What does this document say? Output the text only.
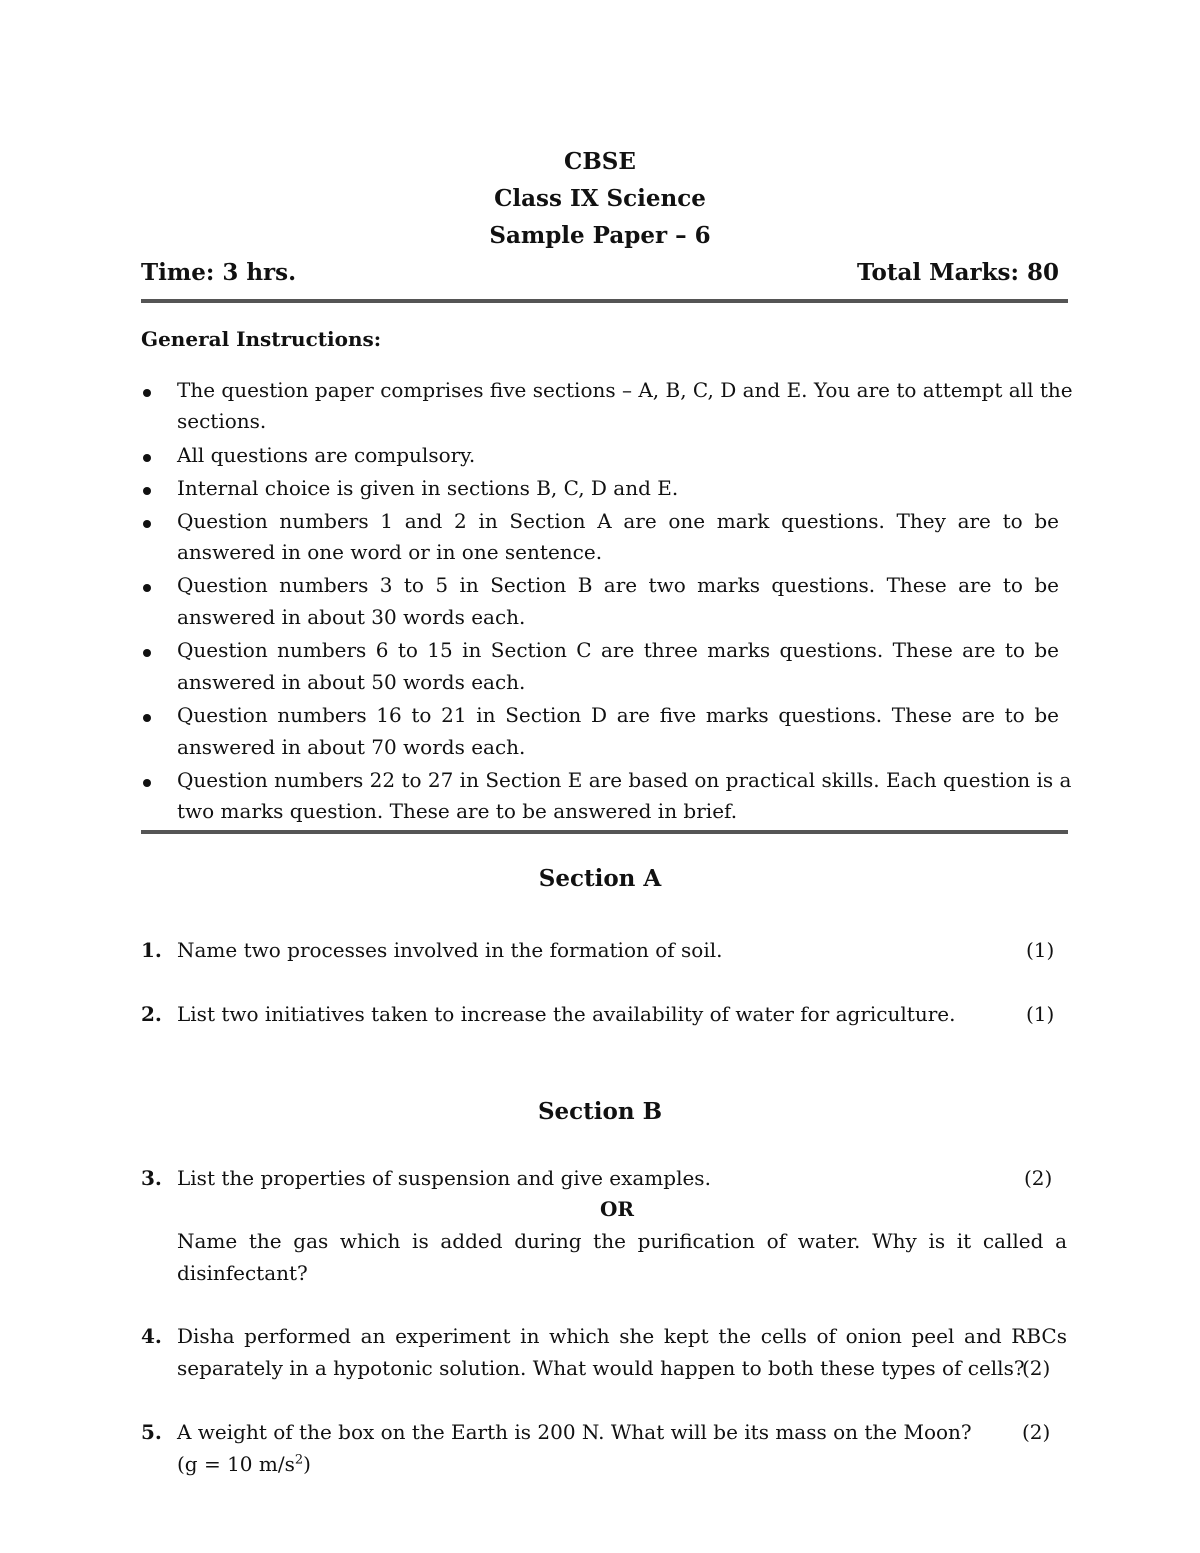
CBSE
Class IX Science
Sample Paper – 6
Time: 3 hrs.	Total Marks: 80
General Instructions:
The question paper comprises five sections – A, B, C, D and E. You are to attempt all the
sections.
All questions are compulsory.
Internal choice is given in sections B, C, D and E.
Question numbers 1 and 2 in Section A are one mark questions. They are to be
answered in one word or in one sentence.
Question numbers 3 to 5 in Section B are two marks questions. These are to be
answered in about 30 words each.
Question numbers 6 to 15 in Section C are three marks questions. These are to be
answered in about 50 words each.
Question numbers 16 to 21 in Section D are five marks questions. These are to be
answered in about 70 words each.
Question numbers 22 to 27 in Section E are based on practical skills. Each question is a
two marks question. These are to be answered in brief.
Section A
1. Name two processes involved in the formation of soil.	(1)
2. List two initiatives taken to increase the availability of water for agriculture.	(1)
Section B
3. List the properties of suspension and give examples.	(2)
OR
Name the gas which is added during the purification of water. Why is it called a
disinfectant?
4. Disha performed an experiment in which she kept the cells of onion peel and RBCs
separately in a hypotonic solution. What would happen to both these types of cells?
(2)
5. A weight of the box on the Earth is 200 N. What will be its mass on the Moon?	(2)
(g = 10 $m/s^2$)
